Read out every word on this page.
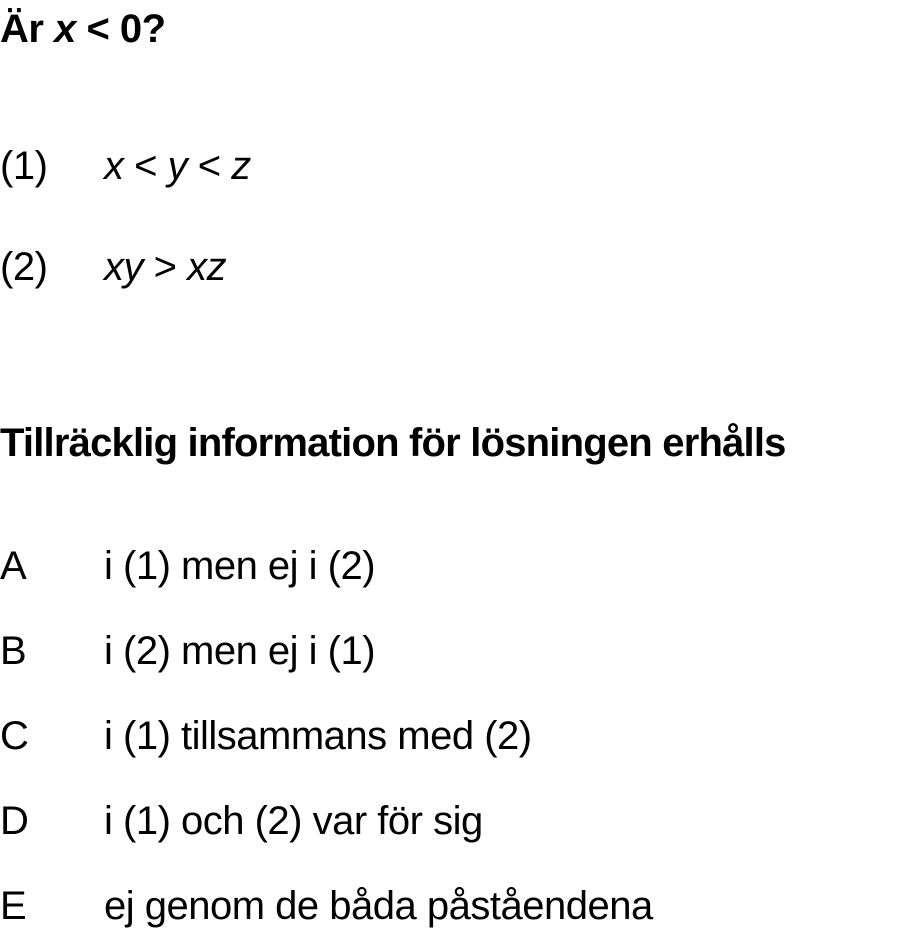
Är x < 0?

(1) x < y < z

(2) xy > xz

Tillräcklig information för lösningen erhålls

A i (1) men ej i (2)

B i (2) men ej i (1)

C i (1) tillsammans med (2)

D i (1) och (2) var för sig

E ej genom de båda påståendena
